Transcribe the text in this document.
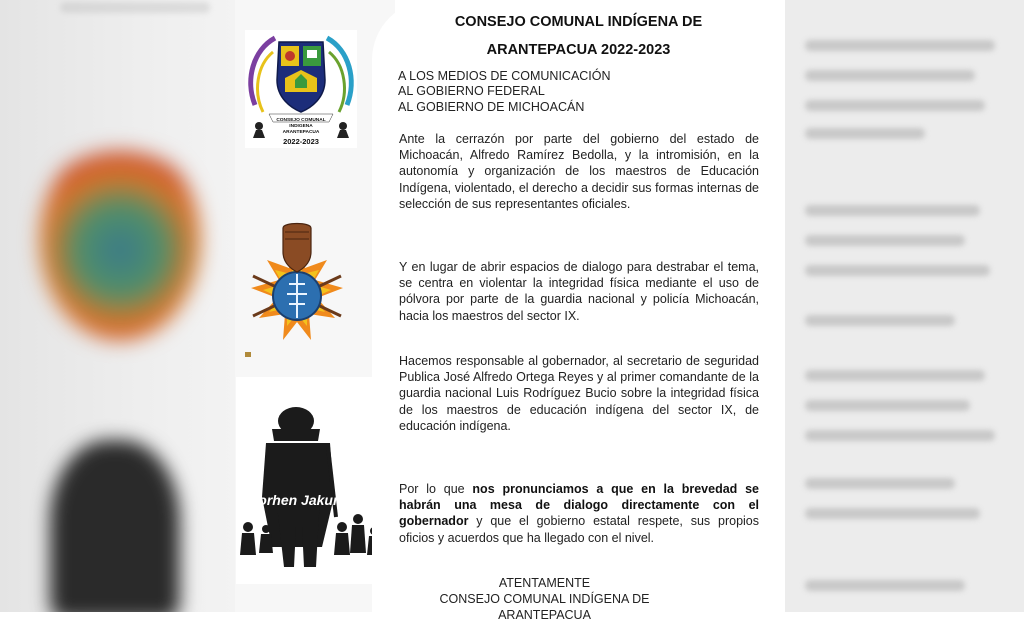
CONSEJO COMUNAL
INDIGENA
ARANTEPACUA
2022-2023
Jorhen Jakun
CONSEJO COMUNAL INDÍGENA DE
ARANTEPACUA 2022-2023
A LOS MEDIOS DE COMUNICACIÓN
AL GOBIERNO FEDERAL
AL GOBIERNO DE MICHOACÁN
Ante la cerrazón por parte del gobierno del estado de Michoacán, Alfredo Ramírez Bedolla, y la intromisión, en la autonomía y organización de los maestros de Educación Indígena, violentado, el derecho a decidir sus formas internas de selección de sus representantes oficiales.
Y en lugar de abrir espacios de dialogo para destrabar el tema, se centra en violentar la integridad física mediante el uso de pólvora por parte de la guardia nacional y policía Michoacán, hacia los maestros del sector IX.
Hacemos responsable al gobernador, al secretario de seguridad Publica José Alfredo Ortega Reyes y al primer comandante de la guardia nacional Luis Rodríguez Bucio sobre la integridad física de los maestros de educación indígena del sector IX, de educación indígena.
Por lo que nos pronunciamos a que en la brevedad se habrán una mesa de dialogo directamente con el gobernador y que el gobierno estatal respete, sus propios oficios y acuerdos que ha llegado con el nivel.
ATENTAMENTE
CONSEJO COMUNAL INDÍGENA DE
ARANTEPACUA
